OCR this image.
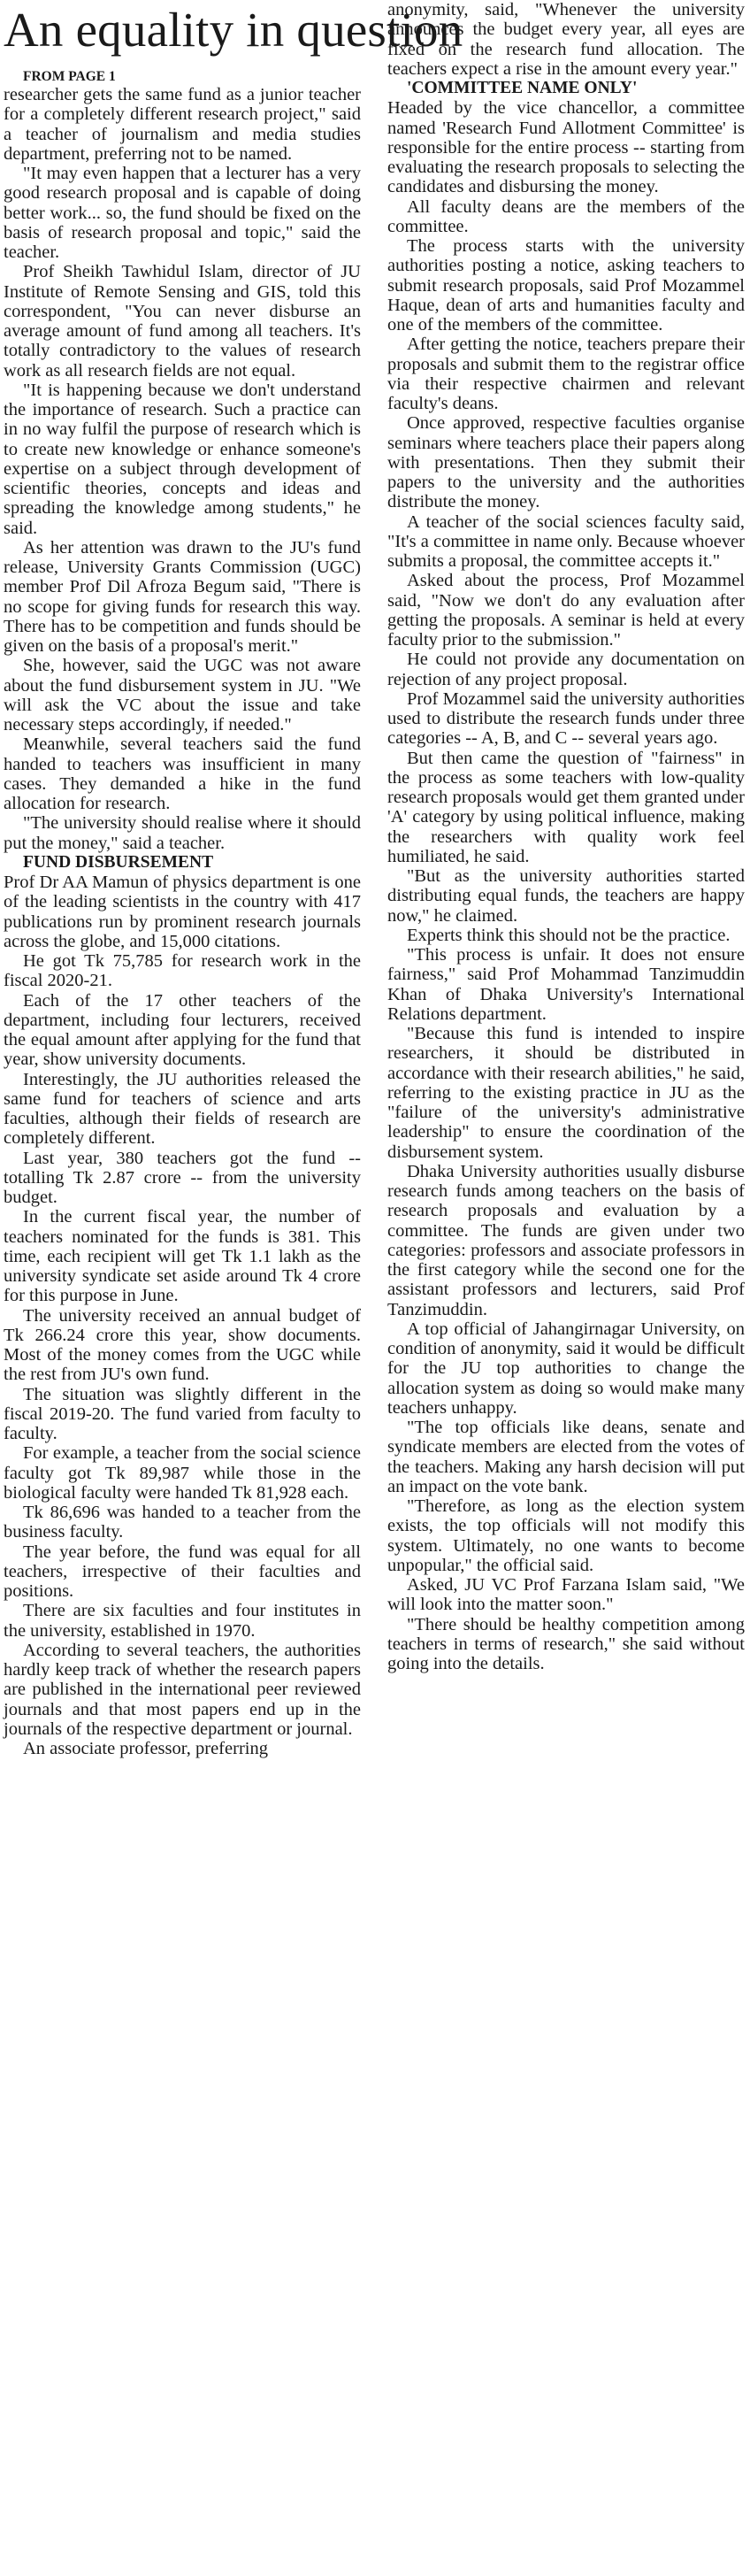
An equality in question

FROM PAGE 1

researcher gets the same fund as a junior teacher for a completely different research project," said a teacher of journalism and media studies department, preferring not to be named.

"It may even happen that a lecturer has a very good research proposal and is capable of doing better work... so, the fund should be fixed on the basis of research proposal and topic," said the teacher.

Prof Sheikh Tawhidul Islam, director of JU Institute of Remote Sensing and GIS, told this correspondent, "You can never disburse an average amount of fund among all teachers. It's totally contradictory to the values of research work as all research fields are not equal.

"It is happening because we don't understand the importance of research. Such a practice can in no way fulfil the purpose of research which is to create new knowledge or enhance someone's expertise on a subject through development of scientific theories, concepts and ideas and spreading the knowledge among students," he said.

As her attention was drawn to the JU's fund release, University Grants Commission (UGC) member Prof Dil Afroza Begum said, "There is no scope for giving funds for research this way. There has to be competition and funds should be given on the basis of a proposal's merit."

She, however, said the UGC was not aware about the fund disbursement system in JU. "We will ask the VC about the issue and take necessary steps accordingly, if needed."

Meanwhile, several teachers said the fund handed to teachers was insufficient in many cases. They demanded a hike in the fund allocation for research.

"The university should realise where it should put the money," said a teacher.

FUND DISBURSEMENT

Prof Dr AA Mamun of physics department is one of the leading scientists in the country with 417 publications run by prominent research journals across the globe, and 15,000 citations.

He got Tk 75,785 for research work in the fiscal 2020-21.

Each of the 17 other teachers of the department, including four lecturers, received the equal amount after applying for the fund that year, show university documents.

Interestingly, the JU authorities released the same fund for teachers of science and arts faculties, although their fields of research are completely different.

Last year, 380 teachers got the fund -- totalling Tk 2.87 crore -- from the university budget.

In the current fiscal year, the number of teachers nominated for the funds is 381. This time, each recipient will get Tk 1.1 lakh as the university syndicate set aside around Tk 4 crore for this purpose in June.

The university received an annual budget of Tk 266.24 crore this year, show documents. Most of the money comes from the UGC while the rest from JU's own fund.

The situation was slightly different in the fiscal 2019-20. The fund varied from faculty to faculty.

For example, a teacher from the social science faculty got Tk 89,987 while those in the biological faculty were handed Tk 81,928 each.

Tk 86,696 was handed to a teacher from the business faculty.

The year before, the fund was equal for all teachers, irrespective of their faculties and positions.

There are six faculties and four institutes in the university, established in 1970.

According to several teachers, the authorities hardly keep track of whether the research papers are published in the international peer reviewed journals and that most papers end up in the journals of the respective department or journal.

An associate professor, preferring

anonymity, said, "Whenever the university announces the budget every year, all eyes are fixed on the research fund allocation. The teachers expect a rise in the amount every year."

'COMMITTEE NAME ONLY'

Headed by the vice chancellor, a committee named 'Research Fund Allotment Committee' is responsible for the entire process -- starting from evaluating the research proposals to selecting the candidates and disbursing the money.

All faculty deans are the members of the committee.

The process starts with the university authorities posting a notice, asking teachers to submit research proposals, said Prof Mozammel Haque, dean of arts and humanities faculty and one of the members of the committee.

After getting the notice, teachers prepare their proposals and submit them to the registrar office via their respective chairmen and relevant faculty's deans.

Once approved, respective faculties organise seminars where teachers place their papers along with presentations. Then they submit their papers to the university and the authorities distribute the money.

A teacher of the social sciences faculty said, "It's a committee in name only. Because whoever submits a proposal, the committee accepts it."

Asked about the process, Prof Mozammel said, "Now we don't do any evaluation after getting the proposals. A seminar is held at every faculty prior to the submission."

He could not provide any documentation on rejection of any project proposal.

Prof Mozammel said the university authorities used to distribute the research funds under three categories -- A, B, and C -- several years ago.

But then came the question of "fairness" in the process as some teachers with low-quality research proposals would get them granted under 'A' category by using political influence, making the researchers with quality work feel humiliated, he said.

"But as the university authorities started distributing equal funds, the teachers are happy now," he claimed.

Experts think this should not be the practice.

"This process is unfair. It does not ensure fairness," said Prof Mohammad Tanzimuddin Khan of Dhaka University's International Relations department.

"Because this fund is intended to inspire researchers, it should be distributed in accordance with their research abilities," he said, referring to the existing practice in JU as the "failure of the university's administrative leadership" to ensure the coordination of the disbursement system.

Dhaka University authorities usually disburse research funds among teachers on the basis of research proposals and evaluation by a committee. The funds are given under two categories: professors and associate professors in the first category while the second one for the assistant professors and lecturers, said Prof Tanzimuddin.

A top official of Jahangirnagar University, on condition of anonymity, said it would be difficult for the JU top authorities to change the allocation system as doing so would make many teachers unhappy.

"The top officials like deans, senate and syndicate members are elected from the votes of the teachers. Making any harsh decision will put an impact on the vote bank.

"Therefore, as long as the election system exists, the top officials will not modify this system. Ultimately, no one wants to become unpopular," the official said.

Asked, JU VC Prof Farzana Islam said, "We will look into the matter soon."

"There should be healthy competition among teachers in terms of research," she said without going into the details.
